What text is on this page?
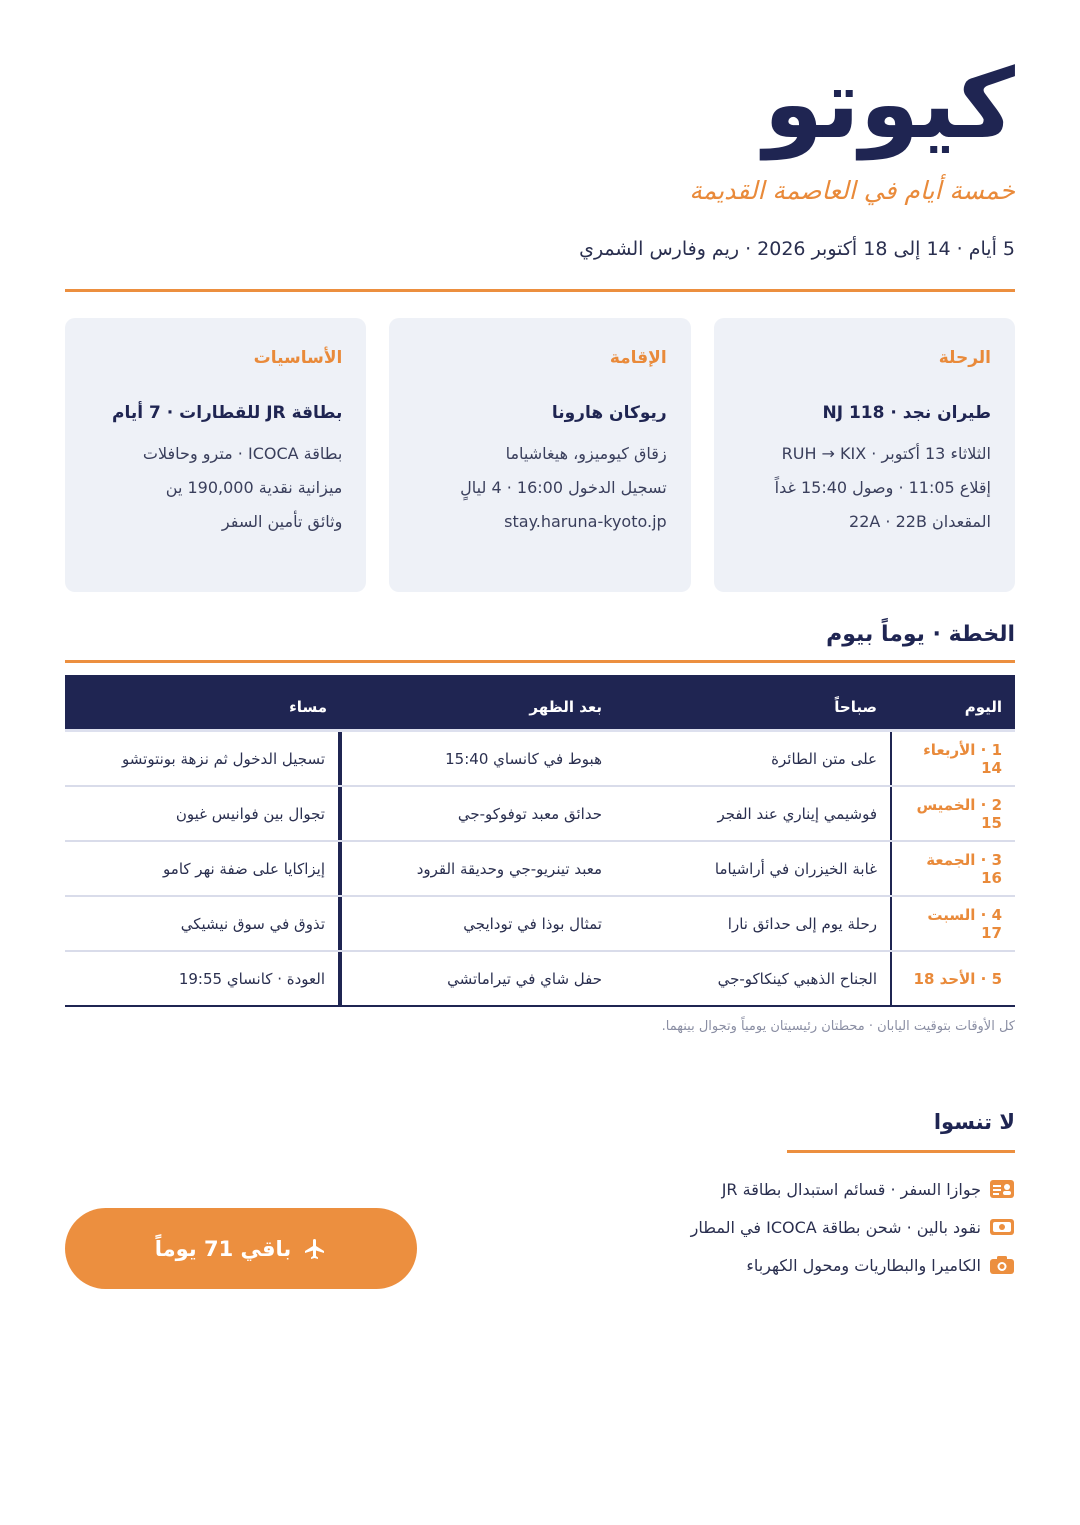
كيوتو
خمسة أيام في العاصمة القديمة
5 أيام · 14 إلى 18 أكتوبر 2026 · ريم وفارس الشمري
الرحلة
طيران نجد · NJ 118
الثلاثاء 13 أكتوبر · RUH → KIX
إقلاع 11:05 · وصول 15:40 غداً
المقعدان 22A · 22B
الإقامة
ريوكان هارونا
زقاق كيوميزو، هيغاشياما
تسجيل الدخول 16:00 · 4 ليالٍ
stay.haruna-kyoto.jp
الأساسيات
بطاقة JR للقطارات · 7 أيام
بطاقة ICOCA · مترو وحافلات
ميزانية نقدية 190,000 ين
وثائق تأمين السفر
الخطة · يوماً بيوم
اليوم
صباحاً
بعد الظهر
مساء
1 · الأربعاء 14
على متن الطائرة
هبوط في كانساي 15:40
تسجيل الدخول ثم نزهة بونتوتشو
2 · الخميس 15
فوشيمي إيناري عند الفجر
حدائق معبد توفوكو-جي
تجوال بين فوانيس غيون
3 · الجمعة 16
غابة الخيزران في أراشياما
معبد تينريو-جي وحديقة القرود
إيزاكايا على ضفة نهر كامو
4 · السبت 17
رحلة يوم إلى حدائق نارا
تمثال بوذا في تودايجي
تذوق في سوق نيشيكي
5 · الأحد 18
الجناح الذهبي كينكاكو-جي
حفل شاي في تيراماتشي
العودة · كانساي 19:55
كل الأوقات بتوقيت اليابان · محطتان رئيسيتان يومياً وتجوال بينهما.
لا تنسوا
جوازا السفر · قسائم استبدال بطاقة JR
نقود بالين · شحن بطاقة ICOCA في المطار
الكاميرا والبطاريات ومحول الكهرباء
باقي 71 يوماً
